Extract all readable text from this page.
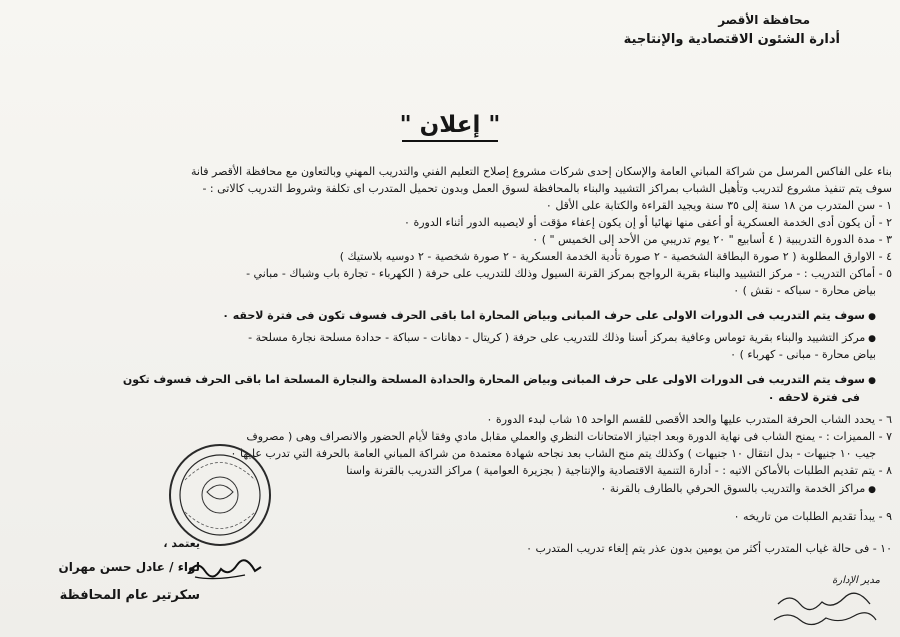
محافظة الأقصر
أدارة الشئون الاقتصادية والإنتاجية
" إعلان "
بناء على الفاكس المرسل من شراكة المباني العامة والإسكان إحدى شركات مشروع إصلاح التعليم الفني والتدريب المهني وبالتعاون مع محافظة الأقصر فانة
سوف يتم تنفيذ مشروع لتدريب وتأهيل الشباب بمراكز التشييد والبناء بالمحافظة لسوق العمل وبدون تحميل المتدرب اى تكلفة وشروط التدريب كالاتى : -
١ - سن المتدرب من ١٨ سنة إلى ٣٥ سنة ويجيد القراءة والكتابة على الأقل ٠
٢ - أن يكون أدى الخدمة العسكرية أو أعفى منها نهائيا أو إن يكون إعفاء مؤقت أو لايصيبه الدور أثناء الدورة ٠
٣ - مدة الدورة التدريبية ( ٤ أسابيع " ٢٠ يوم تدريبي من الأحد إلى الخميس " ) ٠
٤ - الاوارق المطلوبة ( ٢ صورة البطاقة الشخصية - ٢ صورة تأدية الخدمة العسكرية - ٢ صورة شخصية - ٢ دوسيه بلاستيك )
٥ - أماكن التدريب : - مركز التشييد والبناء بقرية الرواجح بمركز القرنة السيول وذلك للتدريب على حرفة ( الكهرباء - تجارة باب وشباك - مباني -
بياض محارة - سباكه - نقش ) ٠
● سوف يتم التدريب فى الدورات الاولى على حرف المبانى وبياض المحارة اما باقى الحرف فسوف تكون فى فترة لاحقه ٠
● مركز التشييد والبناء بقرية توماس وعافية بمركز أسنا وذلك للتدريب على حرفة ( كريتال - دهانات - سباكة - حدادة مسلحة نجارة مسلحة -
بياض محارة - مبانى - كهرباء ) ٠
● سوف يتم التدريب فى الدورات الاولى على حرف المبانى وبياض المحارة والحدادة المسلحة والنجارة المسلحة اما باقى الحرف فسوف تكون
فى فترة لاحقه ٠
٦ - يحدد الشاب الحرفة المتدرب عليها والحد الأقصى للقسم الواحد ١٥ شاب لبدء الدورة ٠
٧ - المميزات : - يمنح الشاب فى نهاية الدورة وبعد اجتياز الامتحانات النظري والعملي مقابل مادي وفقا لأيام الحضور والانصراف وهى ( مصروف
جيب ١٠ جنيهات - بدل انتقال ١٠ جنيهات ) وكذلك يتم منح الشاب بعد نجاحه شهادة معتمدة من شراكة المباني العامة بالحرفة التي تدرب عليها ٠
٨ - يتم تقديم الطلبات بالأماكن الاتيه : - أدارة التنمية الاقتصادية والإنتاجية ( بجزيرة العوامية ) مراكز التدريب بالقرنة واسنا
● مراكز الخدمة والتدريب بالسوق الحرفي بالطارف بالقرنة ٠
٩ - يبدأ تقديم الطلبات من تاريخه ٠
١٠ - فى حالة غياب المتدرب أكثر من يومين بدون عذر يتم إلغاء تدريب المتدرب ٠
يعتمد ،
لواء / عادل حسن مهران
سكرتير عام المحافظة
مدير الإدارة
